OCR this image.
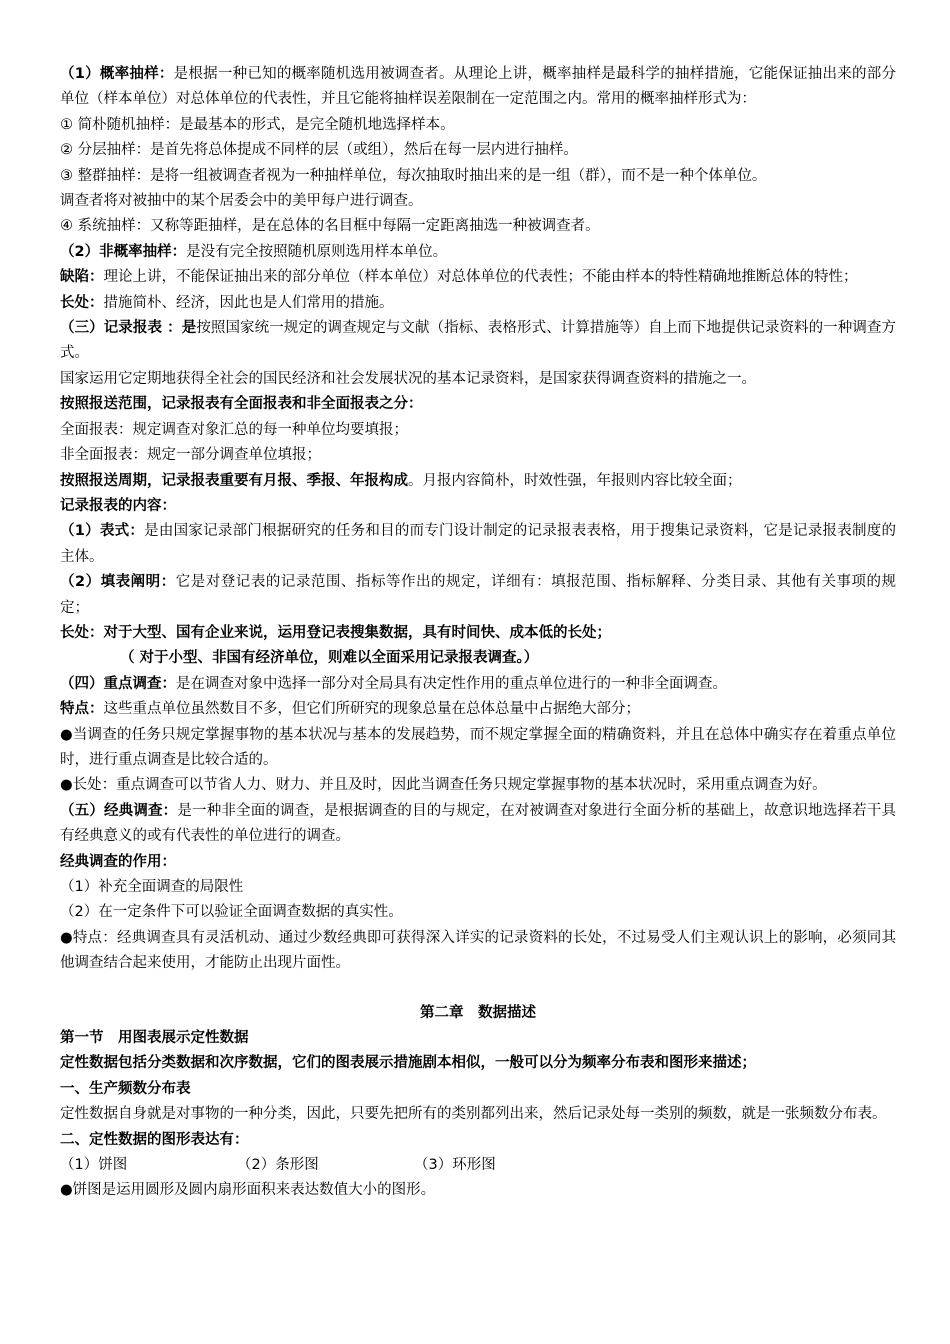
（1）概率抽样：是根据一种已知的概率随机选用被调查者。从理论上讲，概率抽样是最科学的抽样措施，它能保证抽出来的部分单位（样本单位）对总体单位的代表性，并且它能将抽样误差限制在一定范围之内。常用的概率抽样形式为：

① 简朴随机抽样：是最基本的形式，是完全随机地选择样本。

② 分层抽样：是首先将总体提成不同样的层（或组），然后在每一层内进行抽样。

③ 整群抽样：是将一组被调查者视为一种抽样单位，每次抽取时抽出来的是一组（群），而不是一种个体单位。

调查者将对被抽中的某个居委会中的美甲每户进行调查。

④ 系统抽样：又称等距抽样，是在总体的名目框中每隔一定距离抽选一种被调查者。

（2）非概率抽样：是没有完全按照随机原则选用样本单位。

缺陷：理论上讲，不能保证抽出来的部分单位（样本单位）对总体单位的代表性；不能由样本的特性精确地推断总体的特性；

长处：措施简朴、经济，因此也是人们常用的措施。

（三）记录报表 ：是按照国家统一规定的调查规定与文献（指标、表格形式、计算措施等）自上而下地提供记录资料的一种调查方式。

国家运用它定期地获得全社会的国民经济和社会发展状况的基本记录资料，是国家获得调查资料的措施之一。

按照报送范围，记录报表有全面报表和非全面报表之分：

全面报表：规定调查对象汇总的每一种单位均要填报；

非全面报表：规定一部分调查单位填报；

按照报送周期，记录报表重要有月报、季报、年报构成。月报内容简朴，时效性强，年报则内容比较全面；

记录报表的内容：

（1）表式：是由国家记录部门根据研究的任务和目的而专门设计制定的记录报表表格，用于搜集记录资料，它是记录报表制度的主体。

（2）填表阐明：它是对登记表的记录范围、指标等作出的规定，详细有：填报范围、指标解释、分类目录、其他有关事项的规定；

长处：对于大型、国有企业来说，运用登记表搜集数据，具有时间快、成本低的长处；

（ 对于小型、非国有经济单位，则难以全面采用记录报表调查。）

（四）重点调查：是在调查对象中选择一部分对全局具有决定性作用的重点单位进行的一种非全面调查。

特点：这些重点单位虽然数目不多，但它们所研究的现象总量在总体总量中占据绝大部分；

●当调查的任务只规定掌握事物的基本状况与基本的发展趋势，而不规定掌握全面的精确资料，并且在总体中确实存在着重点单位时，进行重点调查是比较合适的。

●长处：重点调查可以节省人力、财力、并且及时，因此当调查任务只规定掌握事物的基本状况时，采用重点调查为好。

（五）经典调查：是一种非全面的调查，是根据调查的目的与规定，在对被调查对象进行全面分析的基础上，故意识地选择若干具有经典意义的或有代表性的单位进行的调查。

经典调查的作用：

（1）补充全面调查的局限性

（2）在一定条件下可以验证全面调查数据的真实性。

●特点：经典调查具有灵活机动、通过少数经典即可获得深入详实的记录资料的长处，不过易受人们主观认识上的影响，必须同其他调查结合起来使用，才能防止出现片面性。

第二章　数据描述

第一节　用图表展示定性数据

定性数据包括分类数据和次序数据，它们的图表展示措施剧本相似，一般可以分为频率分布表和图形来描述；

一、生产频数分布表

定性数据自身就是对事物的一种分类，因此，只要先把所有的类别都列出来，然后记录处每一类别的频数，就是一张频数分布表。

二、定性数据的图形表达有：

（1）饼图	（2）条形图	（3）环形图

●饼图是运用圆形及圆内扇形面积来表达数值大小的图形。
